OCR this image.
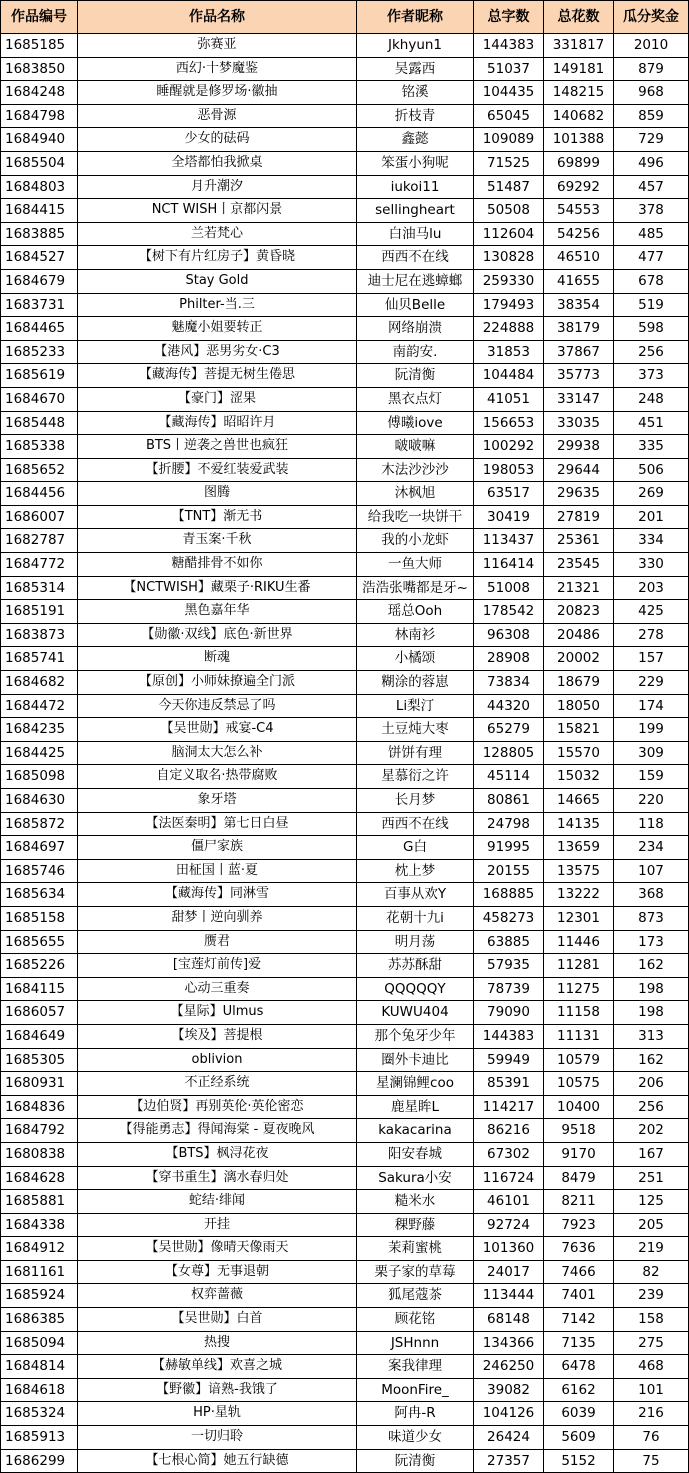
作品编号	作品名称	作者昵称	总字数	总花数	瓜分奖金
1685185	弥赛亚	Jkhyun1	144383	331817	2010
1683850	西幻·十梦魔鉴	吴露西	51037	149181	879
1684248	睡醒就是修罗场·徽抽	铭溪	104435	148215	968
1684798	恶骨源	折枝青	65045	140682	859
1684940	少女的砝码	鑫懿	109089	101388	729
1685504	全塔都怕我掀桌	笨蛋小狗呢	71525	69899	496
1684803	月升潮汐	iukoi11	51487	69292	457
1684415	NCT WISH丨京都闪景	sellingheart	50508	54553	378
1683885	兰若梵心	白油马lu	112604	54256	485
1684527	【树下有片红房子】黄昏晓	西西不在线	130828	46510	477
1684679	Stay Gold	迪士尼在逃蟑螂	259330	41655	678
1683731	Philter-当.三	仙贝Belle	179493	38354	519
1684465	魅魔小姐要转正	网络崩溃	224888	38179	598
1685233	【港风】恶男劣女·C3	南韵安.	31853	37867	256
1685619	【藏海传】菩提无树生倦思	阮清衡	104484	35773	373
1684670	【豪门】涩果	黑衣点灯	41051	33147	248
1685448	【藏海传】昭昭许月	傅曦iove	156653	33035	451
1685338	BTS丨逆袭之兽世也疯狂	啵啵嘛	100292	29938	335
1685652	【折腰】不爱红装爱武装	木法沙沙沙	198053	29644	506
1684456	图腾	沐枫旭	63517	29635	269
1686007	【TNT】渐无书	给我吃一块饼干	30419	27819	201
1682787	青玉案·千秋	我的小龙虾	113437	25361	334
1684772	糖醋排骨不如你	一鱼大师	116414	23545	330
1685314	【NCTWISH】藏栗子·RIKU生番	浩浩张嘴都是牙~	51008	21321	203
1685191	黑色嘉年华	瑶总Ooh	178542	20823	425
1683873	【勋徽·双线】底色·新世界	林南衫	96308	20486	278
1685741	断魂	小橘颂	28908	20002	157
1684682	【原创】小师妹撩遍全门派	糊涂的蓉崽	73834	18679	229
1684472	今天你违反禁忌了吗	Li梨汀	44320	18050	174
1684235	【吴世勋】戒宴-C4	土豆炖大枣	65279	15821	199
1684425	脑洞太大怎么补	饼饼有理	128805	15570	309
1685098	自定义取名·热带腐败	星慕衍之许	45114	15032	159
1684630	象牙塔	长月梦	80861	14665	220
1685872	【法医秦明】第七日白昼	西西不在线	24798	14135	118
1684697	僵尸家族	G白	91995	13659	234
1685746	田柾国丨蓝·夏	枕上梦	20155	13575	107
1685634	【藏海传】同淋雪	百事从欢Y	168885	13222	368
1685158	甜梦丨逆向驯养	花朝十九i	458273	12301	873
1685655	赝君	明月荡	63885	11446	173
1685226	[宝莲灯前传]爱	苏苏酥甜	57935	11281	162
1684115	心动三重奏	QQQQQY	78739	11275	198
1686057	【星际】Ulmus	KUWU404	79090	11158	198
1684649	【埃及】菩提根	那个兔牙少年	144383	11131	313
1685305	oblivion	圈外卡迪比	59949	10579	162
1680931	不正经系统	星澜锦鲤coo	85391	10575	206
1684836	【边伯贤】再别英伦·英伦密恋	鹿星眸L	114217	10400	256
1684792	【得能勇志】得闻海棠 - 夏夜晚风	kakacarina	86216	9518	202
1680838	【BTS】枫浔花夜	阳安春城	67302	9170	167
1684628	【穿书重生】漓水春归处	Sakura小安	116724	8479	251
1685881	蛇结·绯闻	糙米水	46101	8211	125
1684338	开挂	稞野藤	92724	7923	205
1684912	【吴世勋】像晴天像雨天	茉莉蜜桃	101360	7636	219
1681161	【女尊】无事退朝	栗子家的草莓	24017	7466	82
1685924	权弈蔷薇	狐尾蔻茶	113444	7401	239
1686385	【吴世勋】白首	顾花铭	68148	7142	158
1685094	热搜	JSHnnn	134366	7135	275
1684814	【赫敏单线】欢喜之城	案我律理	246250	6478	468
1684618	【野徽】谙熟-我饿了	MoonFire_	39082	6162	101
1685324	HP·星轨	阿冉-R	104126	6039	216
1685913	一切归聆	味道少女	26424	5609	76
1686299	【七根心简】她五行缺德	阮清衡	27357	5152	75
